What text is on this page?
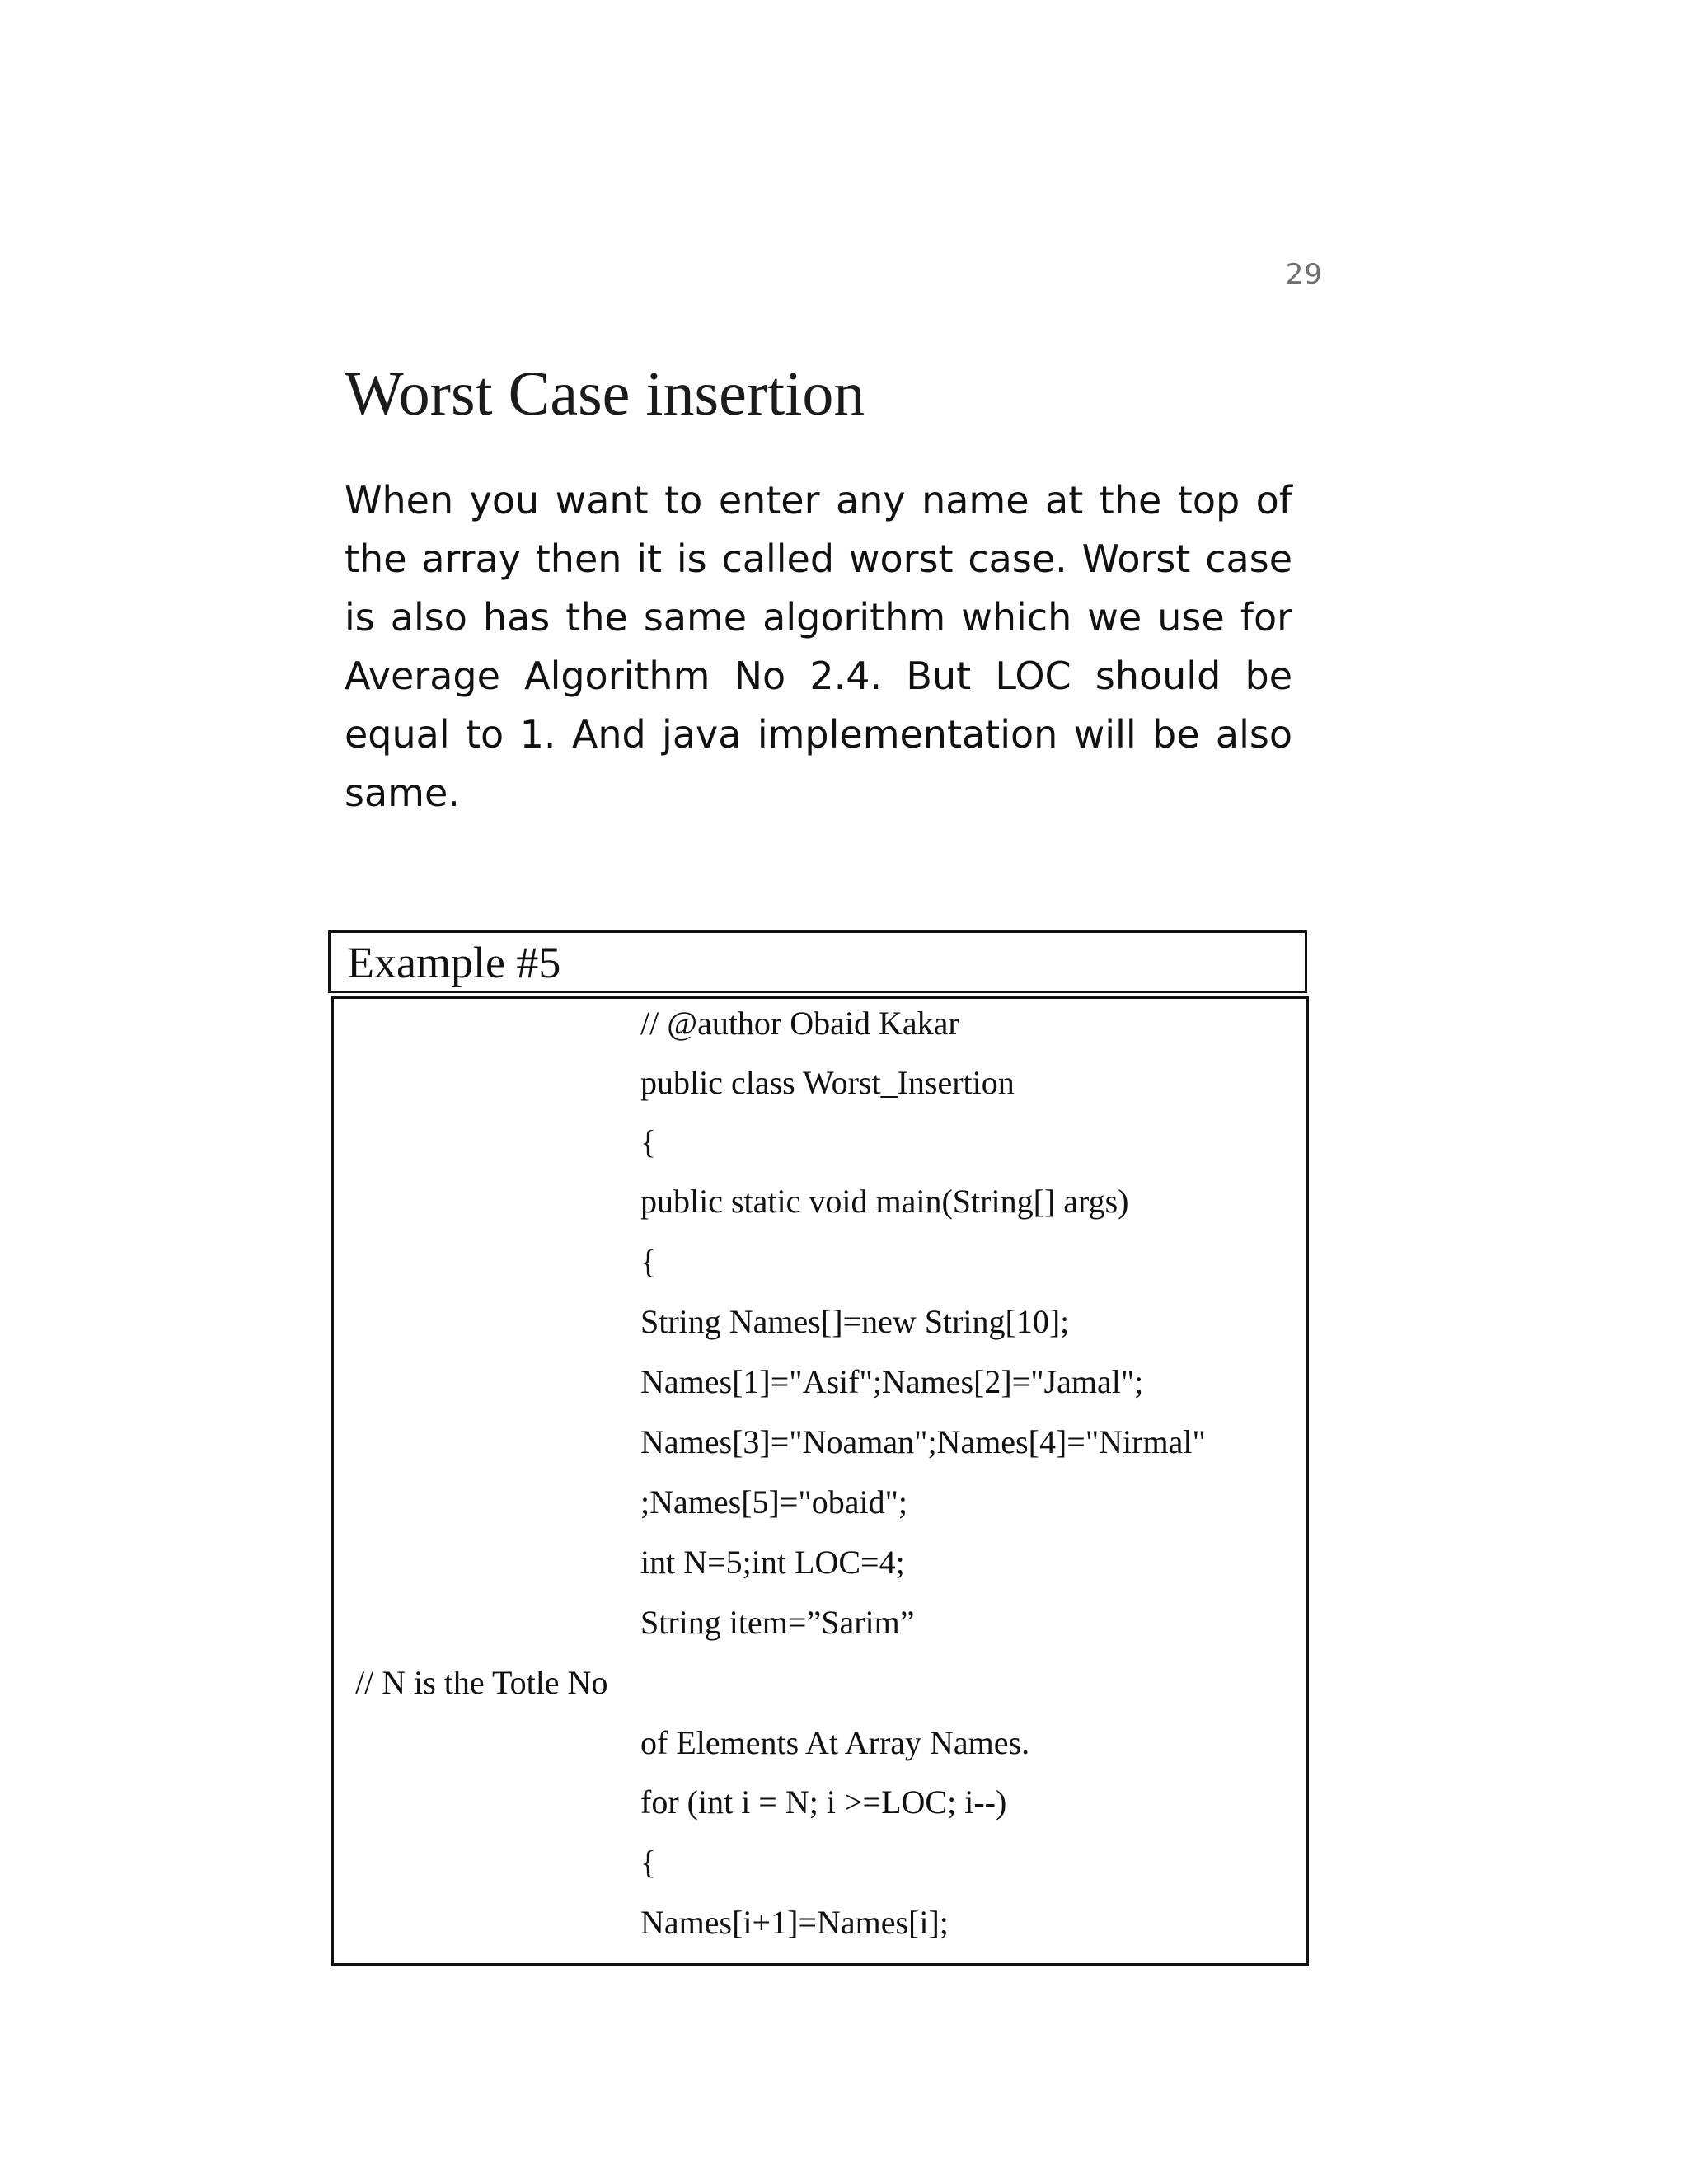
29
Worst Case insertion

When you want to enter any name at the top of the array then it is called worst case. Worst case is also has the same algorithm which we use for Average Algorithm No 2.4. But LOC should be equal to 1. And java implementation will be also same.

Example #5
// @author Obaid Kakar
public class Worst_Insertion
{
public static void main(String[] args)
{
String Names[]=new String[10];
Names[1]="Asif";Names[2]="Jamal";
Names[3]="Noaman";Names[4]="Nirmal"
;Names[5]="obaid";
int N=5;int LOC=4;
String item=”Sarim”
// N is the Totle No
of Elements At Array Names.
for (int i = N; i >=LOC; i--)
{
Names[i+1]=Names[i];
